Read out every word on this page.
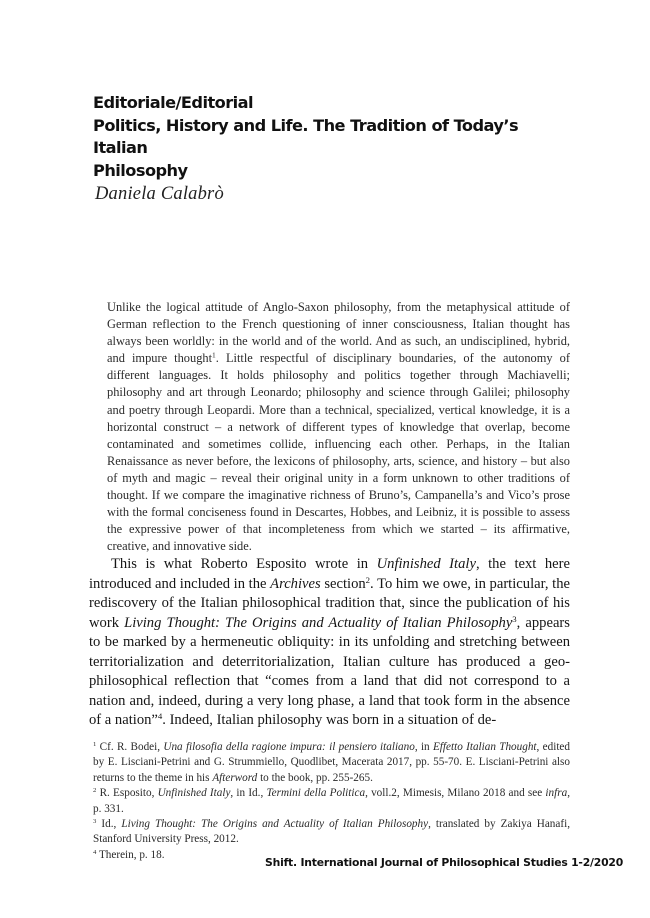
Editoriale/Editorial
Politics, History and Life. The Tradition of Today’s Italian
Philosophy
Daniela Calabrò
Unlike the logical attitude of Anglo-Saxon philosophy, from the metaphysical attitude of German reflection to the French questioning of inner consciousness, Italian thought has always been worldly: in the world and of the world. And as such, an undisciplined, hybrid, and impure thought$^1$. Little respectful of disciplinary boundaries, of the autonomy of different languages. It holds philosophy and politics together through Machiavelli; philosophy and art through Leonardo; philosophy and science through Galilei; philosophy and poetry through Leopardi. More than a technical, specialized, vertical knowledge, it is a horizontal construct – a network of different types of knowledge that overlap, become contaminated and sometimes collide, influencing each other. Perhaps, in the Italian Renaissance as never before, the lexicons of philosophy, arts, science, and history – but also of myth and magic – reveal their original unity in a form unknown to other traditions of thought. If we compare the imaginative richness of Bruno’s, Campanella’s and Vico’s prose with the formal conciseness found in Descartes, Hobbes, and Leibniz, it is possible to assess the expressive power of that incompleteness from which we started – its affirmative, creative, and innovative side.
This is what Roberto Esposito wrote in Unfinished Italy, the text here introduced and included in the Archives section$^2$. To him we owe, in particular, the rediscovery of the Italian philosophical tradition that, since the publication of his work Living Thought: The Origins and Actuality of Italian Philosophy$^3$, appears to be marked by a hermeneutic obliquity: in its unfolding and stretching between territorialization and deterritorialization, Italian culture has produced a geo-philosophical reflection that “comes from a land that did not correspond to a nation and, indeed, during a very long phase, a land that took form in the absence of a nation”$^4$. Indeed, Italian philosophy was born in a situation of de-

$^1$ Cf. R. Bodei, Una filosofia della ragione impura: il pensiero italiano, in Effetto Italian Thought, edited by E. Lisciani-Petrini and G. Strummiello, Quodlibet, Macerata 2017, pp. 55-70. E. Lisciani-Petrini also returns to the theme in his Afterword to the book, pp. 255-265.

$^2$ R. Esposito, Unfinished Italy, in Id., Termini della Politica, voll.2, Mimesis, Milano 2018 and see infra, p. 331.

$^3$ Id., Living Thought: The Origins and Actuality of Italian Philosophy, translated by Zakiya Hanafi, Stanford University Press, 2012.

$^4$ Therein, p. 18.

Shift. International Journal of Philosophical Studies 1-2/2020
